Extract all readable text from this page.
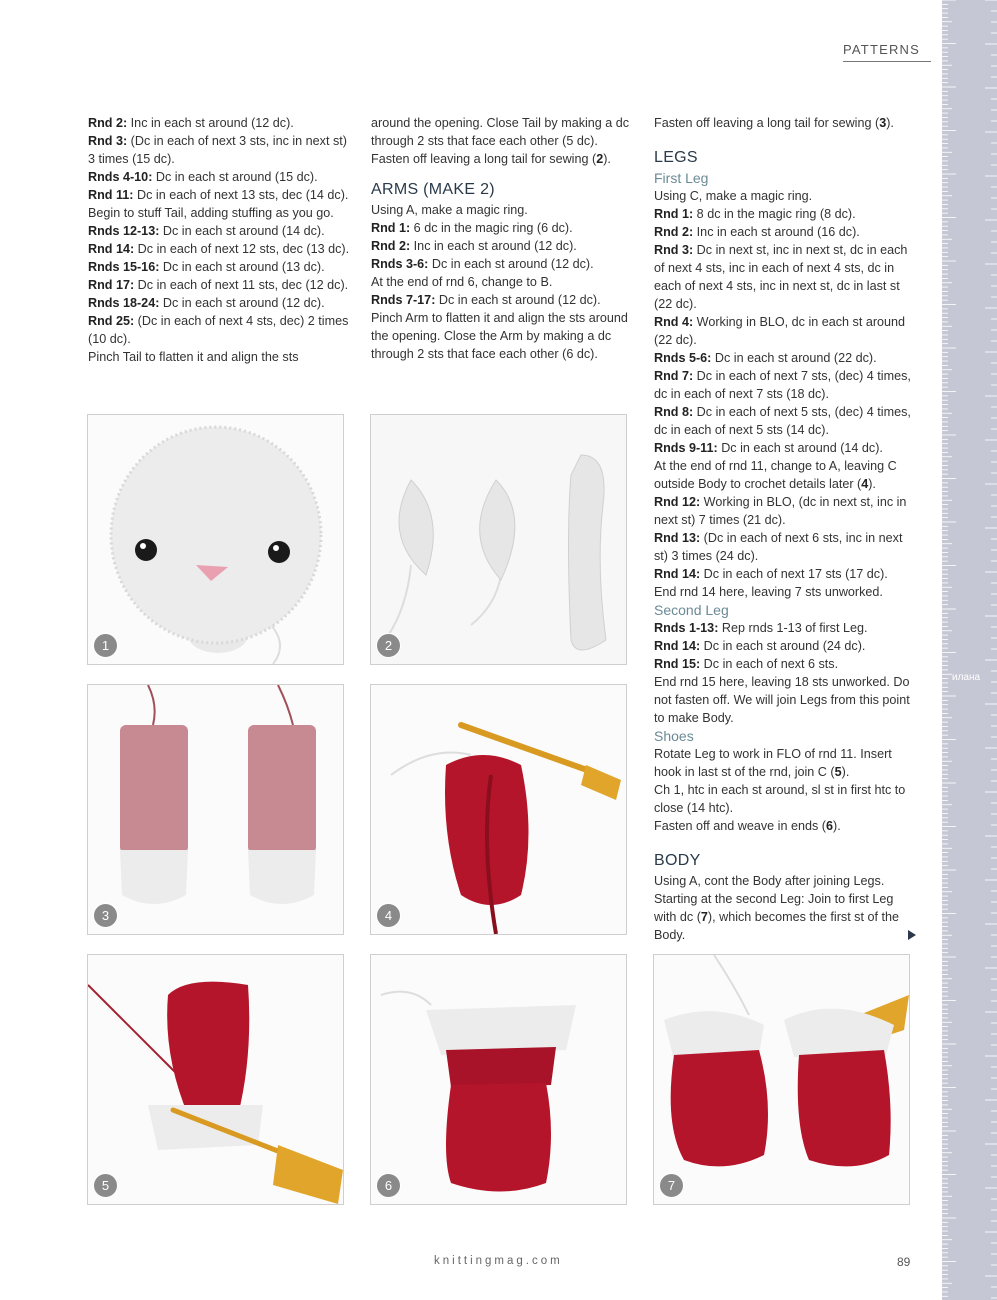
PATTERNS

Rnd 2: Inc in each st around (12 dc).

Rnd 3: (Dc in each of next 3 sts, inc in next st) 3 times (15 dc).

Rnds 4-10: Dc in each st around (15 dc).

Rnd 11: Dc in each of next 13 sts, dec (14 dc).

Begin to stuff Tail, adding stuffing as you go.

Rnds 12-13: Dc in each st around (14 dc).

Rnd 14: Dc in each of next 12 sts, dec (13 dc).

Rnds 15-16: Dc in each st around (13 dc).

Rnd 17: Dc in each of next 11 sts, dec (12 dc).

Rnds 18-24: Dc in each st around (12 dc).

Rnd 25: (Dc in each of next 4 sts, dec) 2 times (10 dc).

Pinch Tail to flatten it and align the sts

around the opening. Close Tail by making a dc through 2 sts that face each other (5 dc).

Fasten off leaving a long tail for sewing (2).

ARMS (MAKE 2)

Using A, make a magic ring.

Rnd 1: 6 dc in the magic ring (6 dc).

Rnd 2: Inc in each st around (12 dc).

Rnds 3-6: Dc in each st around (12 dc).

At the end of rnd 6, change to B.

Rnds 7-17: Dc in each st around (12 dc).

Pinch Arm to flatten it and align the sts around the opening. Close the Arm by making a dc through 2 sts that face each other (6 dc).

Fasten off leaving a long tail for sewing (3).

LEGS
First Leg

Using C, make a magic ring.

Rnd 1: 8 dc in the magic ring (8 dc).

Rnd 2: Inc in each st around (16 dc).

Rnd 3: Dc in next st, inc in next st, dc in each of next 4 sts, inc in each of next 4 sts, dc in each of next 4 sts, inc in next st, dc in last st (22 dc).

Rnd 4: Working in BLO, dc in each st around (22 dc).

Rnds 5-6: Dc in each st around (22 dc).

Rnd 7: Dc in each of next 7 sts, (dec) 4 times, dc in each of next 7 sts (18 dc).

Rnd 8: Dc in each of next 5 sts, (dec) 4 times, dc in each of next 5 sts (14 dc).

Rnds 9-11: Dc in each st around (14 dc).

At the end of rnd 11, change to A, leaving C outside Body to crochet details later (4).

Rnd 12: Working in BLO, (dc in next st, inc in next st) 7 times (21 dc).

Rnd 13: (Dc in each of next 6 sts, inc in next st) 3 times (24 dc).

Rnd 14: Dc in each of next 17 sts (17 dc).

End rnd 14 here, leaving 7 sts unworked.

Second Leg

Rnds 1-13: Rep rnds 1-13 of first Leg.

Rnd 14: Dc in each st around (24 dc).

Rnd 15: Dc in each of next 6 sts.

End rnd 15 here, leaving 18 sts unworked. Do not fasten off. We will join Legs from this point to make Body.

Shoes

Rotate Leg to work in FLO of rnd 11. Insert hook in last st of the rnd, join C (5).

Ch 1, htc in each st around, sl st in first htc to close (14 htc).

Fasten off and weave in ends (6).

BODY

Using A, cont the Body after joining Legs.

Starting at the second Leg: Join to first Leg with dc (7), which becomes the first st of the Body.

1	2
3	4
5	6	7
knittingmag.com	89
илана
